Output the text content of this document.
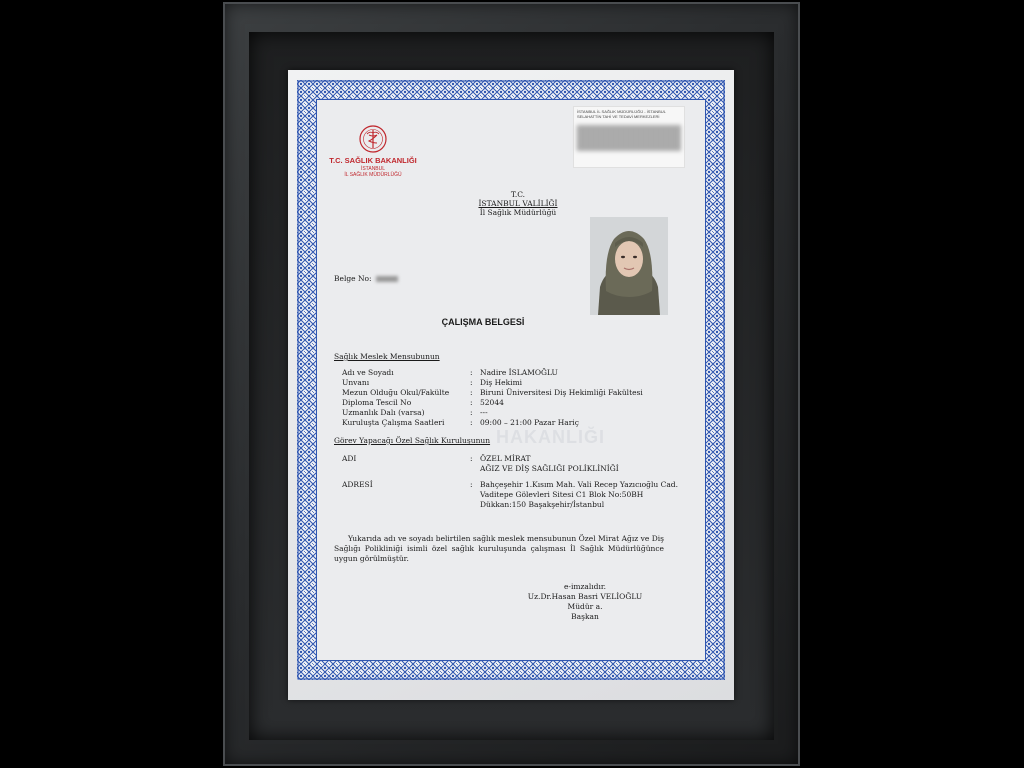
T.C. SAĞLIK BAKANLIĞI
İSTANBUL
İL SAĞLIK MÜDÜRLÜĞÜ
İSTANBUL İL SAĞLIK MÜDÜRLÜĞÜ - İSTANBUL
SELAHATTİN TAHİ VE TEDAVİ MERKEZLERİ
T.C.
İSTANBUL VALİLİĞİ
İl Sağlık Müdürlüğü
Belge No:
ÇALIŞMA BELGESİ
HAKANLIĞI
Sağlık Meslek Mensubunun
Adı ve Soyadı	: Nadire İSLAMOĞLU
Unvanı	: Diş Hekimi
Mezun Olduğu Okul/Fakülte	: Biruni Üniversitesi Diş Hekimliği Fakültesi
Diploma Tescil No	: 52044
Uzmanlık Dalı (varsa)	: ---
Kuruluşta Çalışma Saatleri	: 09:00 – 21:00 Pazar Hariç
Görev Yapacağı Özel Sağlık Kuruluşunun
ADI	: ÖZEL MİRAT
AĞIZ VE DİŞ SAĞLIĞI POLİKLİNİĞİ
ADRESİ	: Bahçeşehir 1.Kısım Mah. Vali Recep Yazıcıoğlu Cad.
Vaditepe Gölevleri Sitesi C1 Blok No:50BH
Dükkan:150 Başakşehir/İstanbul
Yukarıda adı ve soyadı belirtilen sağlık meslek mensubunun Özel Mirat Ağız ve Diş Sağlığı Polikliniği isimli özel sağlık kuruluşunda çalışması İl Sağlık Müdürlüğünce uygun görülmüştür.
e-imzalıdır.
Uz.Dr.Hasan Basri VELİOĞLU
Müdür a.
Başkan
